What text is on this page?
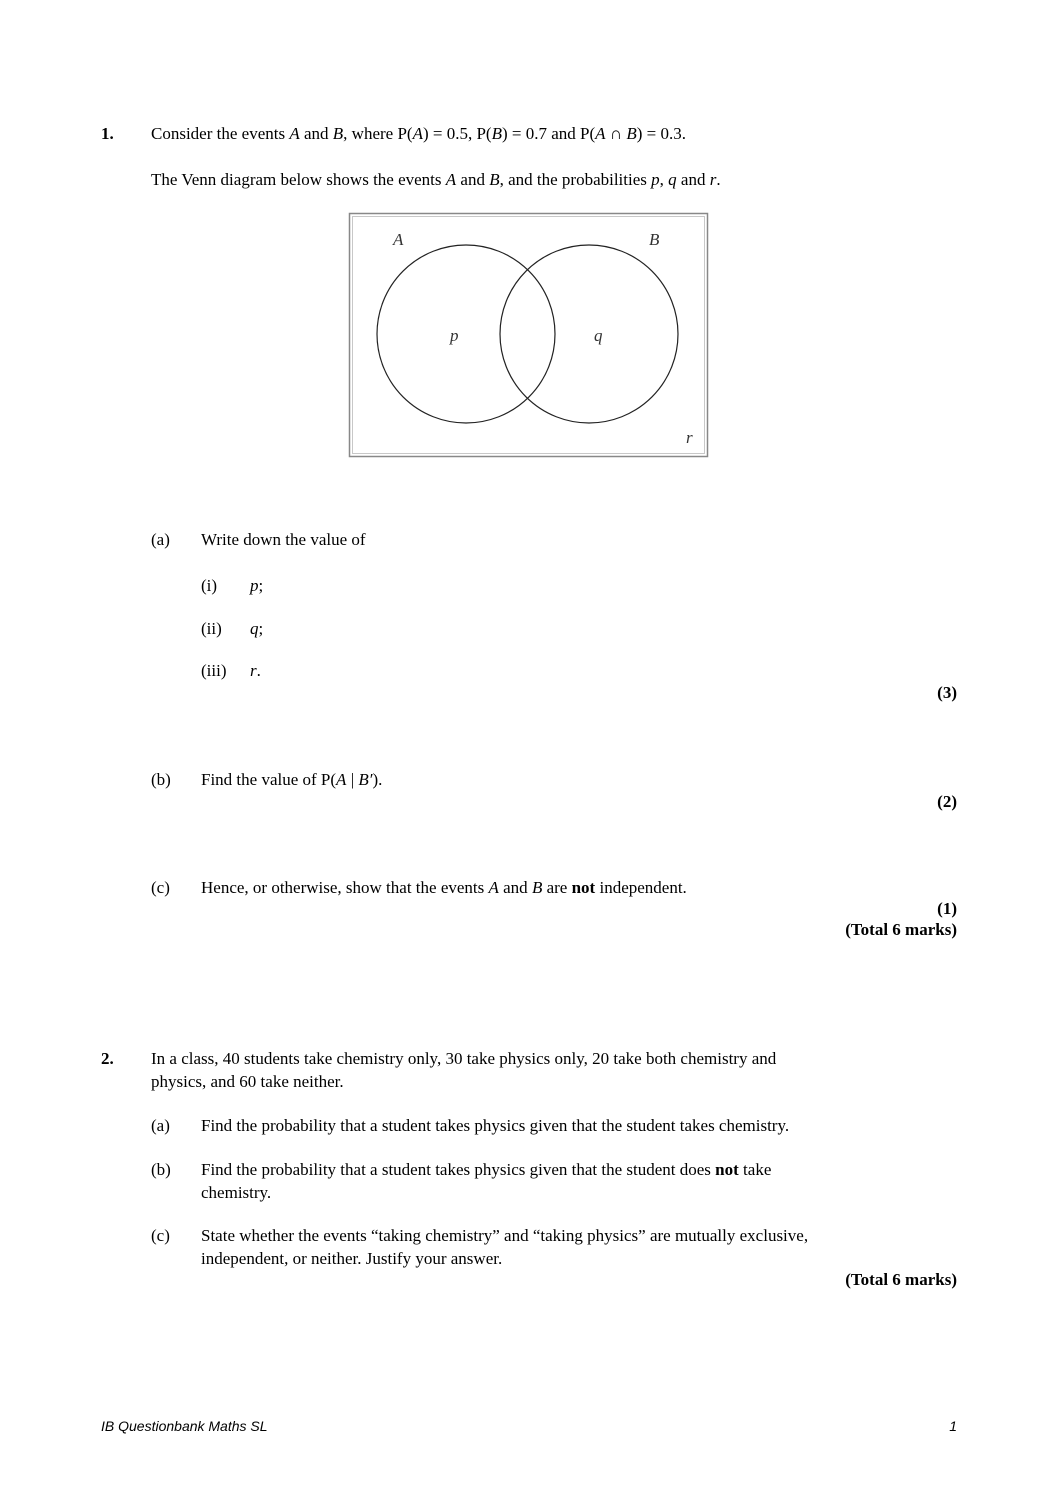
1. Consider the events A and B, where P(A) = 0.5, P(B) = 0.7 and P(A ∩ B) = 0.3.
The Venn diagram below shows the events A and B, and the probabilities p, q and r.
A	B
p	q
r
(a) Write down the value of
(i) p;
(ii) q;
(iii) r.
(3)
(b) Find the value of P(A | B′).
(2)
(c) Hence, or otherwise, show that the events A and B are not independent.
(1)
(Total 6 marks)
2. In a class, 40 students take chemistry only, 30 take physics only, 20 take both chemistry and
physics, and 60 take neither.
(a) Find the probability that a student takes physics given that the student takes chemistry.
(b) Find the probability that a student takes physics given that the student does not take
chemistry.
(c) State whether the events “taking chemistry” and “taking physics” are mutually exclusive,
independent, or neither. Justify your answer.
(Total 6 marks)
IB Questionbank Maths SL	1
